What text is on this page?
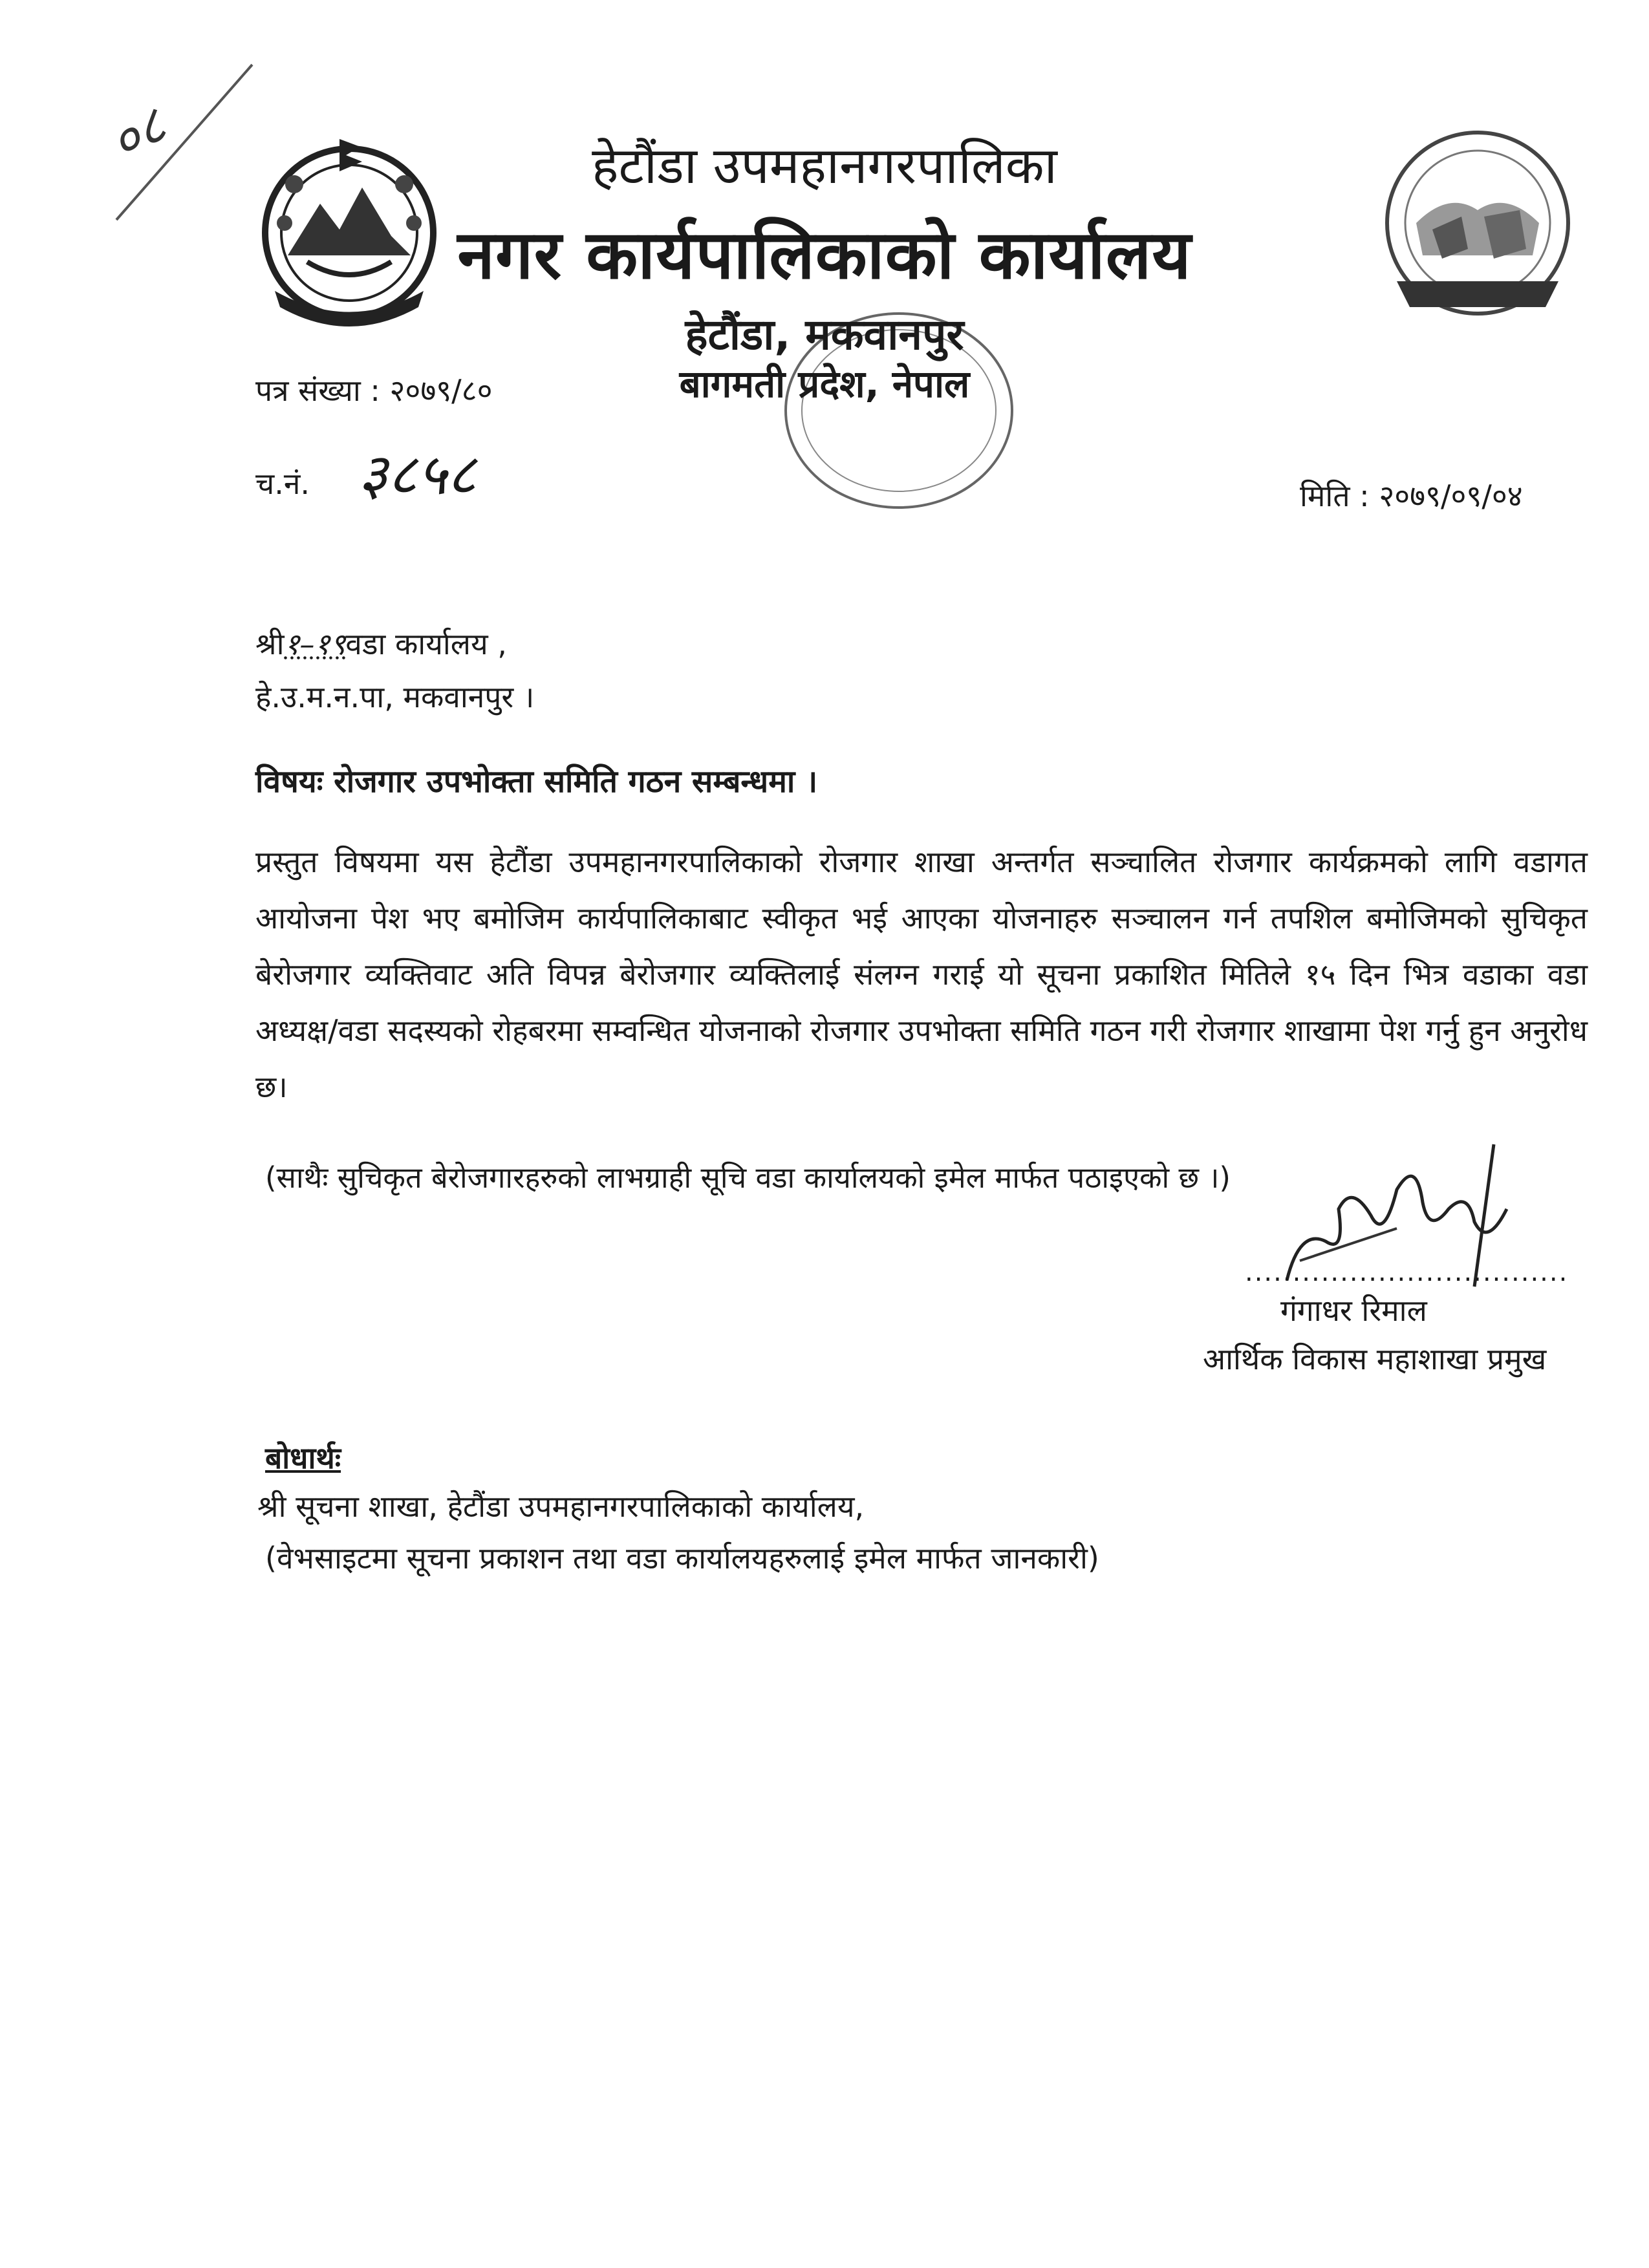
०८	हेटौंडा उपमहानगरपालिका
नगर कार्यपालिकाको कार्यालय
हेटौंडा, मकवानपुर
बागमती प्रदेश, नेपाल
पत्र संख्या : २०७९/८०
च.नं. ३८५८	मिति : २०७९/०९/०४
श्री१–१९वडा कार्यालय ,
हे.उ.म.न.पा, मकवानपुर ।
विषयः रोजगार उपभोक्ता समिति गठन सम्बन्धमा ।
प्रस्तुत विषयमा यस हेटौंडा उपमहानगरपालिकाको रोजगार शाखा अन्तर्गत सञ्चालित रोजगार कार्यक्रमको लागि वडागत आयोजना पेश भए बमोजिम कार्यपालिकाबाट स्वीकृत भई आएका योजनाहरु सञ्चालन गर्न तपशिल बमोजिमको सुचिकृत बेरोजगार व्यक्तिवाट अति विपन्न बेरोजगार व्यक्तिलाई संलग्न गराई यो सूचना प्रकाशित मितिले १५ दिन भित्र वडाका वडा अध्यक्ष/वडा सदस्यको रोहबरमा सम्वन्धित योजनाको रोजगार उपभोक्ता समिति गठन गरी रोजगार शाखामा पेश गर्नु हुन अनुरोध छ।
(साथैः सुचिकृत बेरोजगारहरुको लाभग्राही सूचि वडा कार्यालयको इमेल मार्फत पठाइएको छ ।)
..................................
गंगाधर रिमाल
आर्थिक विकास महाशाखा प्रमुख
बोधार्थः
श्री सूचना शाखा, हेटौंडा उपमहानगरपालिकाको कार्यालय,
(वेभसाइटमा सूचना प्रकाशन तथा वडा कार्यालयहरुलाई इमेल मार्फत जानकारी)
